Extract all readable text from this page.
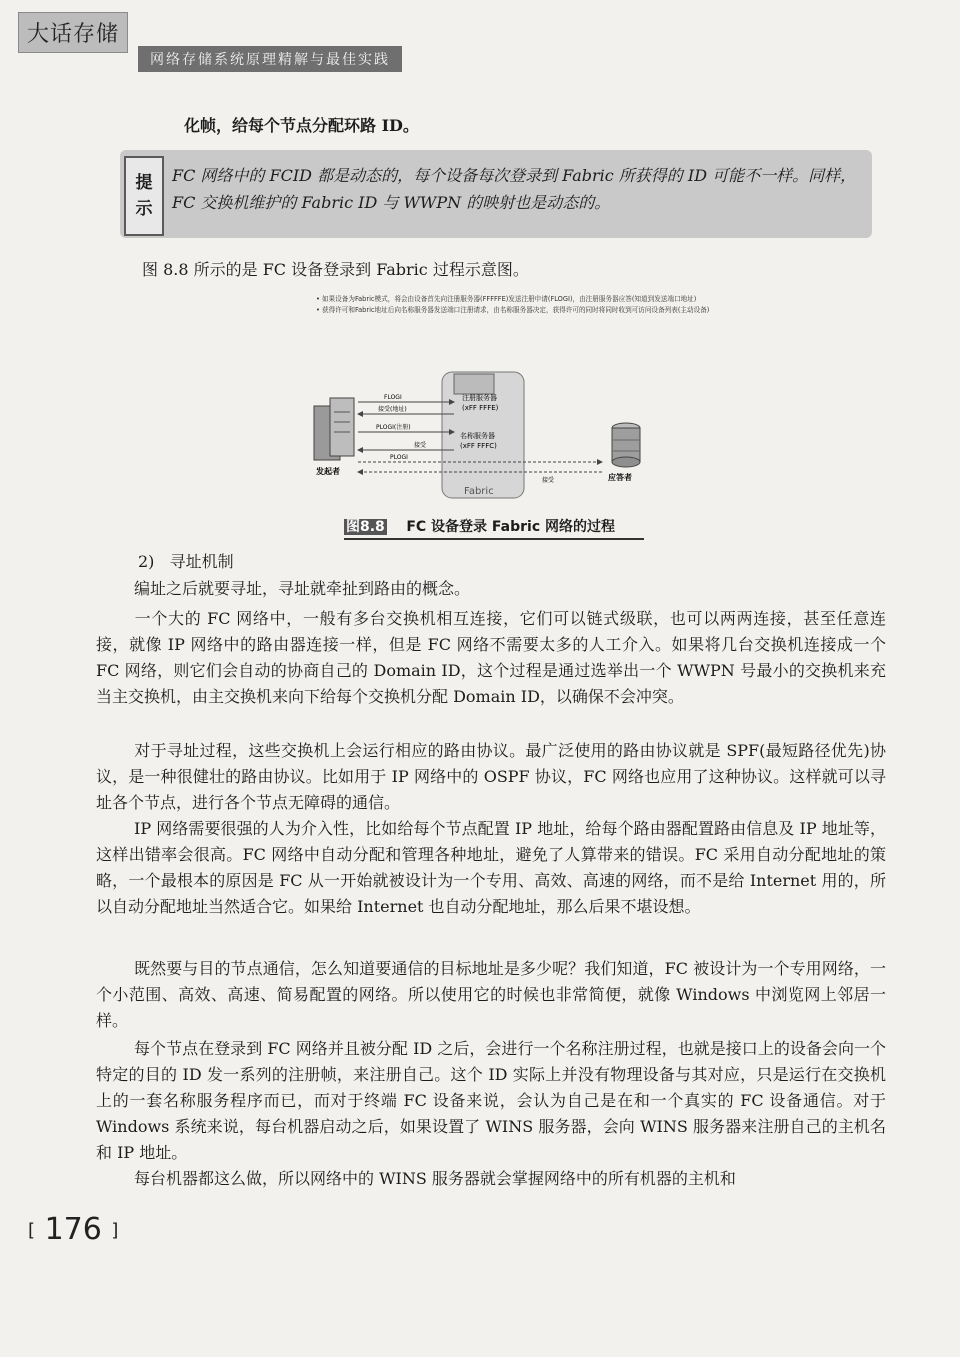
大话存储
网络存储系统原理精解与最佳实践
化帧，给每个节点分配环路 ID。
提
示
FC 网络中的 FCID 都是动态的，每个设备每次登录到 Fabric 所获得的 ID 可能不一样。同样，FC 交换机维护的 Fabric ID 与 WWPN 的映射也是动态的。
图 8.8 所示的是 FC 设备登录到 Fabric 过程示意图。
• 如果设备为Fabric模式，将会由设备首先向注册服务器(FFFFFE)发送注册申请(FLOGI)，由注册服务器应答(知道到发送端口地址)
• 获得许可和Fabric地址后向名称服务器发送端口注册请求，由名称服务器决定，获得许可的同时将同时收到可访问设备列表(主动设备)
发起者
注册服务器
(xFF FFFE)
名称服务器
(xFF FFFC)
Fabric
FLOGI
接受(地址)
PLOGI(注册)
接受
PLOGI
接受	应答者
图8.8 FC 设备登录 Fabric 网络的过程
2)   寻址机制
编址之后就要寻址，寻址就牵扯到路由的概念。
一个大的 FC 网络中，一般有多台交换机相互连接，它们可以链式级联，也可以两两连接，甚至任意连接，就像 IP 网络中的路由器连接一样，但是 FC 网络不需要太多的人工介入。如果将几台交换机连接成一个 FC 网络，则它们会自动的协商自己的 Domain ID，这个过程是通过选举出一个 WWPN 号最小的交换机来充当主交换机，由主交换机来向下给每个交换机分配 Domain ID，以确保不会冲突。
对于寻址过程，这些交换机上会运行相应的路由协议。最广泛使用的路由协议就是 SPF(最短路径优先)协议，是一种很健壮的路由协议。比如用于 IP 网络中的 OSPF 协议，FC 网络也应用了这种协议。这样就可以寻址各个节点，进行各个节点无障碍的通信。
IP 网络需要很强的人为介入性，比如给每个节点配置 IP 地址，给每个路由器配置路由信息及 IP 地址等，这样出错率会很高。FC 网络中自动分配和管理各种地址，避免了人算带来的错误。FC 采用自动分配地址的策略，一个最根本的原因是 FC 从一开始就被设计为一个专用、高效、高速的网络，而不是给 Internet 用的，所以自动分配地址当然适合它。如果给 Internet 也自动分配地址，那么后果不堪设想。
既然要与目的节点通信，怎么知道要通信的目标地址是多少呢？我们知道，FC 被设计为一个专用网络，一个小范围、高效、高速、简易配置的网络。所以使用它的时候也非常简便，就像 Windows 中浏览网上邻居一样。
每个节点在登录到 FC 网络并且被分配 ID 之后，会进行一个名称注册过程，也就是接口上的设备会向一个特定的目的 ID 发一系列的注册帧，来注册自己。这个 ID 实际上并没有物理设备与其对应，只是运行在交换机上的一套名称服务程序而已，而对于终端 FC 设备来说，会认为自己是在和一个真实的 FC 设备通信。对于 Windows 系统来说，每台机器启动之后，如果设置了 WINS 服务器，会向 WINS 服务器来注册自己的主机名和 IP 地址。
每台机器都这么做，所以网络中的 WINS 服务器就会掌握网络中的所有机器的主机和
[ 176 ]
